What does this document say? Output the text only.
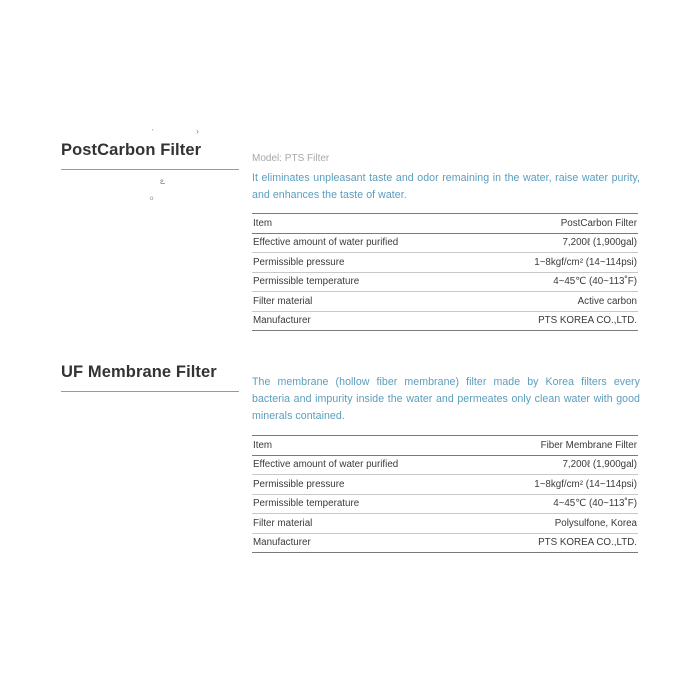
ˊ	›
ఽ
ᵒ
PostCarbon Filter	Model: PTS Filter
It eliminates unpleasant taste and odor remaining in the water, raise water purity, and enhances the taste of water.
Item	PostCarbon Filter
Effective amount of water purified	7,200ℓ (1,900gal)
Permissible pressure	1~8kgf/cm² (14~114psi)
Permissible temperature	4~45℃ (40~113˚F)
Filter material	Active carbon
Manufacturer	PTS KOREA CO.,LTD.
UF Membrane Filter
The membrane (hollow fiber membrane) filter made by Korea filters every bacteria and impurity inside the water and permeates only clean water with good minerals contained.
Item	Fiber Membrane Filter
Effective amount of water purified	7,200ℓ (1,900gal)
Permissible pressure	1~8kgf/cm² (14~114psi)
Permissible temperature	4~45℃ (40~113˚F)
Filter material	Polysulfone, Korea
Manufacturer	PTS KOREA CO.,LTD.
